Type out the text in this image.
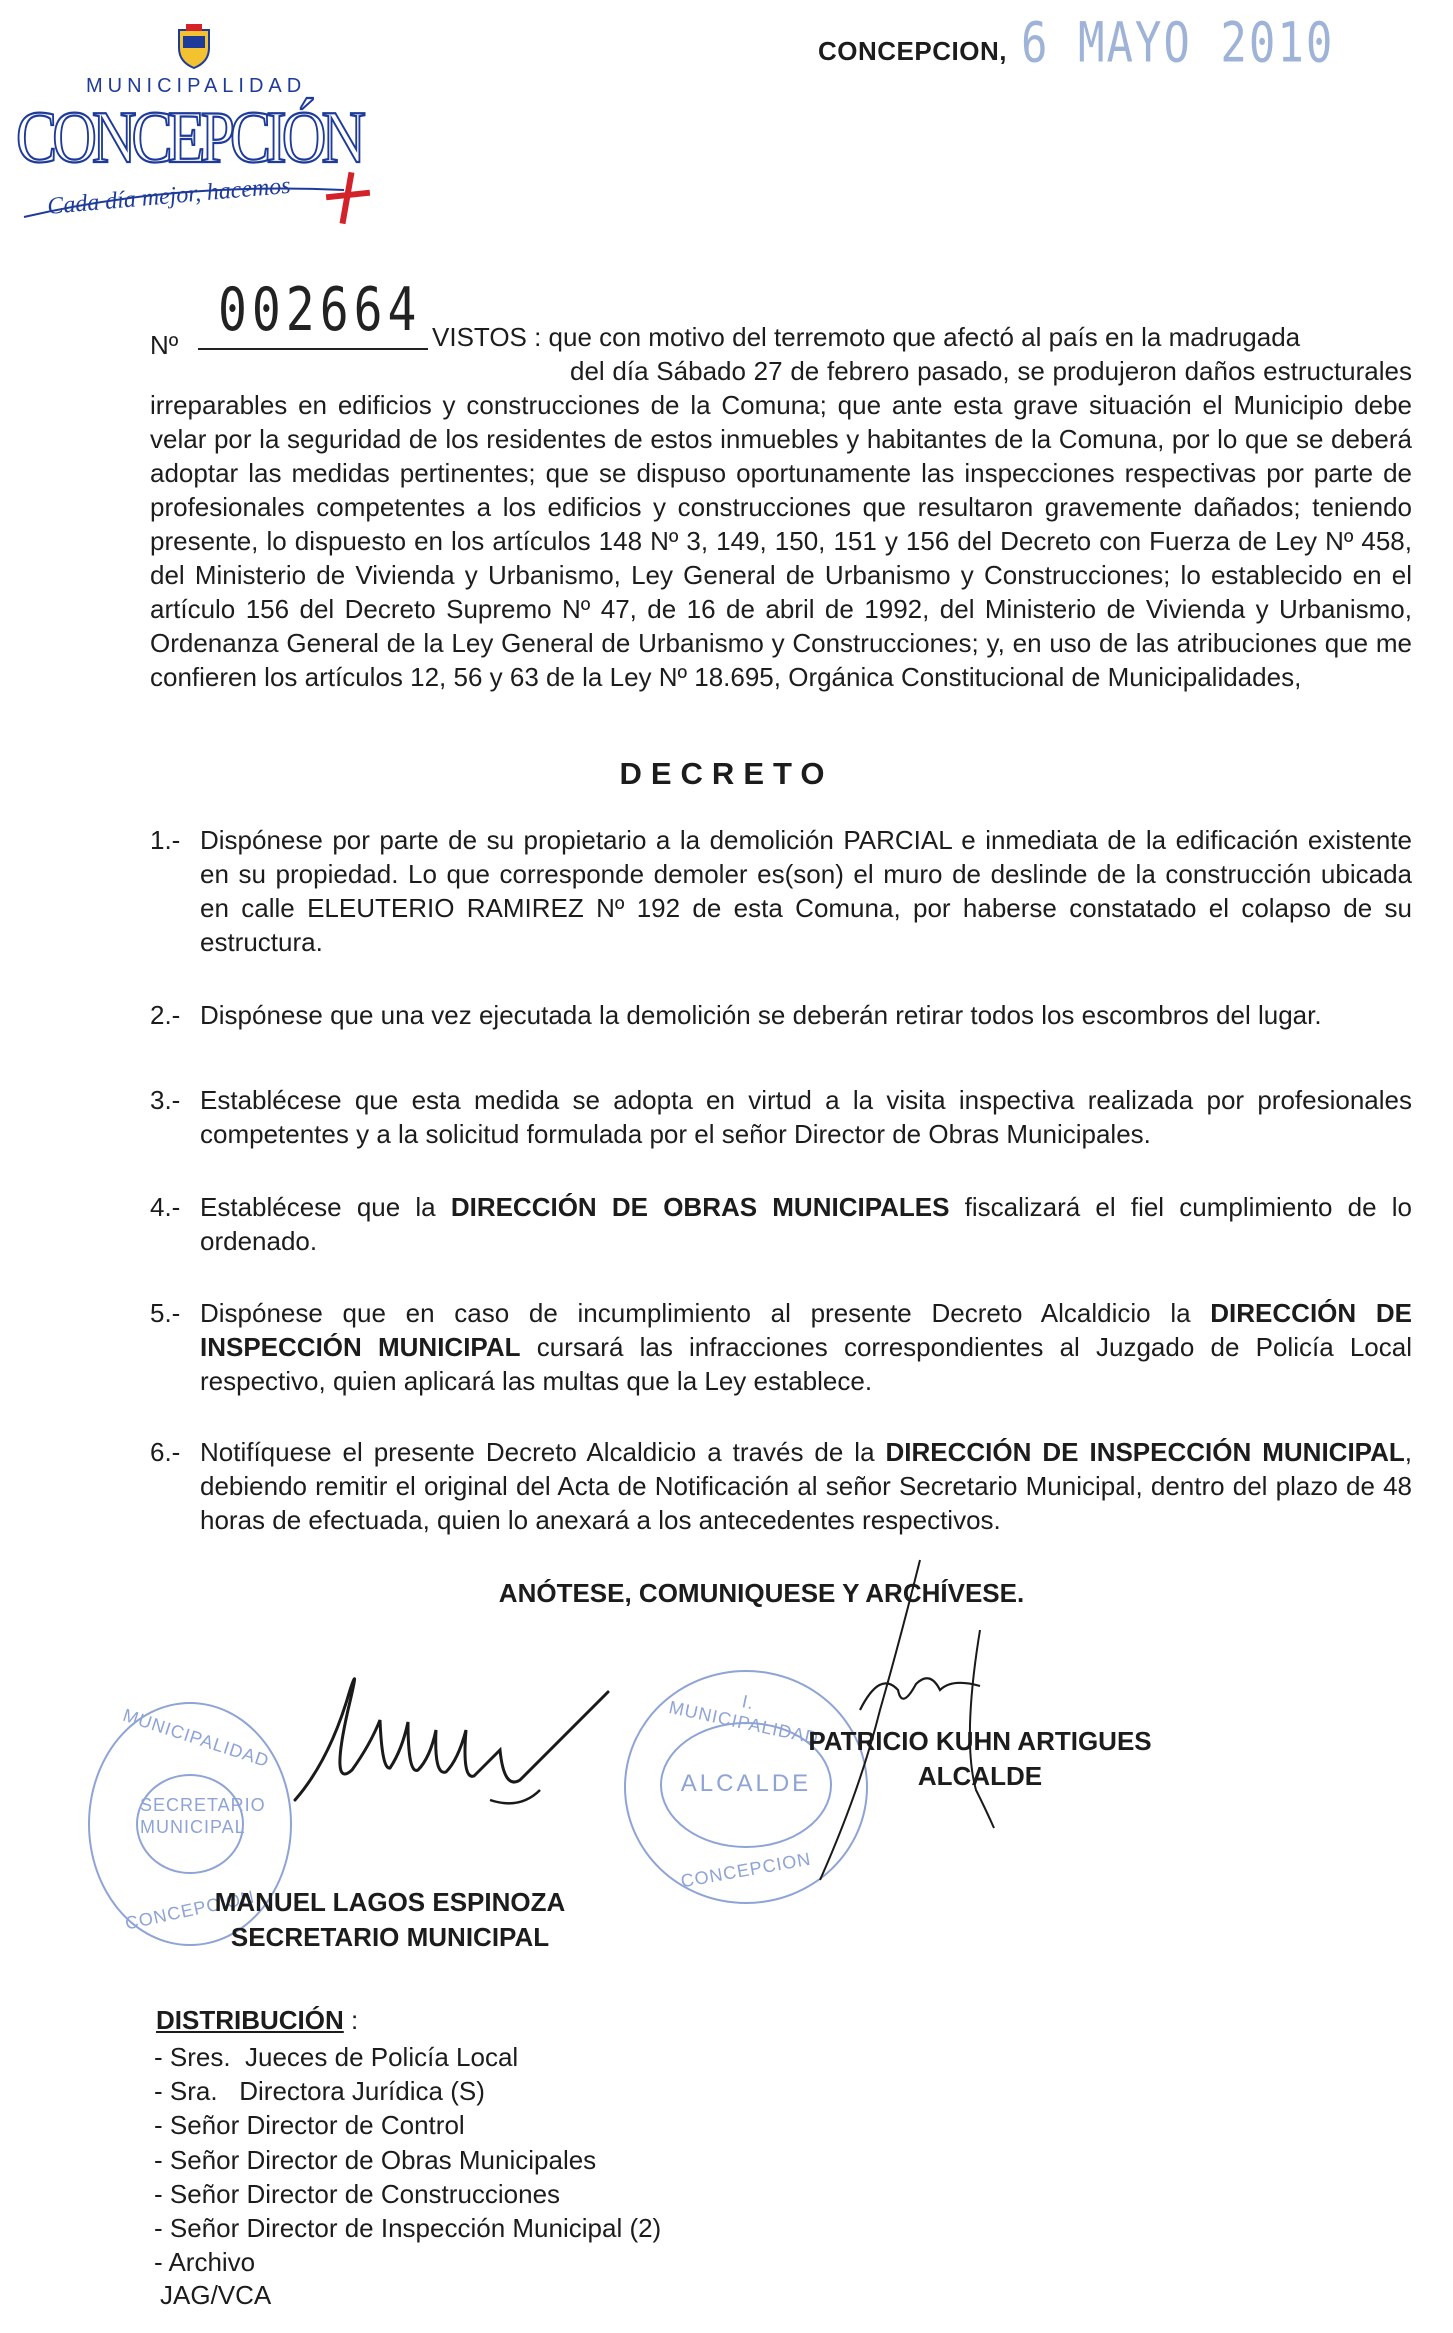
MUNICIPALIDAD
CONCEPCIÓN
Cada día mejor, hacemos
CONCEPCION, 6 MAYO 2010
Nº 002664 VISTOS : que con motivo del terremoto que afectó al país en la madrugada
del día Sábado 27 de febrero pasado, se produjeron daños estructurales irreparables en edificios y construcciones de la Comuna; que ante esta grave situación el Municipio debe velar por la seguridad de los residentes de estos inmuebles y habitantes de la Comuna, por lo que se deberá adoptar las medidas pertinentes; que se dispuso oportunamente las inspecciones respectivas por parte de profesionales competentes a los edificios y construcciones que resultaron gravemente dañados; teniendo presente, lo dispuesto en los artículos 148 Nº 3, 149, 150, 151 y 156 del Decreto con Fuerza de Ley Nº 458, del Ministerio de Vivienda y Urbanismo, Ley General de Urbanismo y Construcciones; lo establecido en el artículo 156 del Decreto Supremo Nº 47, de 16 de abril de 1992, del Ministerio de Vivienda y Urbanismo, Ordenanza General de la Ley General de Urbanismo y Construcciones; y, en uso de las atribuciones que me confieren los artículos 12, 56 y 63 de la Ley Nº 18.695, Orgánica Constitucional de Municipalidades,
DECRETO
1.- Dispónese por parte de su propietario a la demolición PARCIAL e inmediata de la edificación existente en su propiedad. Lo que corresponde demoler es(son) el muro de deslinde de la construcción ubicada en calle ELEUTERIO RAMIREZ Nº 192 de esta Comuna, por haberse constatado el colapso de su estructura.
2.- Dispónese que una vez ejecutada la demolición se deberán retirar todos los escombros del lugar.
3.- Establécese que esta medida se adopta en virtud a la visita inspectiva realizada por profesionales competentes y a la solicitud formulada por el señor Director de Obras Municipales.
4.- Establécese que la DIRECCIÓN DE OBRAS MUNICIPALES fiscalizará el fiel cumplimiento de lo ordenado.
5.- Dispónese que en caso de incumplimiento al presente Decreto Alcaldicio la DIRECCIÓN DE INSPECCIÓN MUNICIPAL cursará las infracciones correspondientes al Juzgado de Policía Local respectivo, quien aplicará las multas que la Ley establece.
6.- Notifíquese el presente Decreto Alcaldicio a través de la DIRECCIÓN DE INSPECCIÓN MUNICIPAL, debiendo remitir el original del Acta de Notificación al señor Secretario Municipal, dentro del plazo de 48 horas de efectuada, quien lo anexará a los antecedentes respectivos.
ANÓTESE, COMUNIQUESE Y ARCHÍVESE.
SECRETARIO
MUNICIPAL
MUNICIPALIDAD
CONCEPCION
MANUEL LAGOS ESPINOZA
SECRETARIO MUNICIPAL
ALCALDE
I. MUNICIPALIDAD
CONCEPCION
PATRICIO KUHN ARTIGUES
ALCALDE
DISTRIBUCIÓN :
- Sres.  Jueces de Policía Local
- Sra.   Directora Jurídica (S)
- Señor Director de Control
- Señor Director de Obras Municipales
- Señor Director de Construcciones
- Señor Director de Inspección Municipal (2)
- Archivo
JAG/VCA
